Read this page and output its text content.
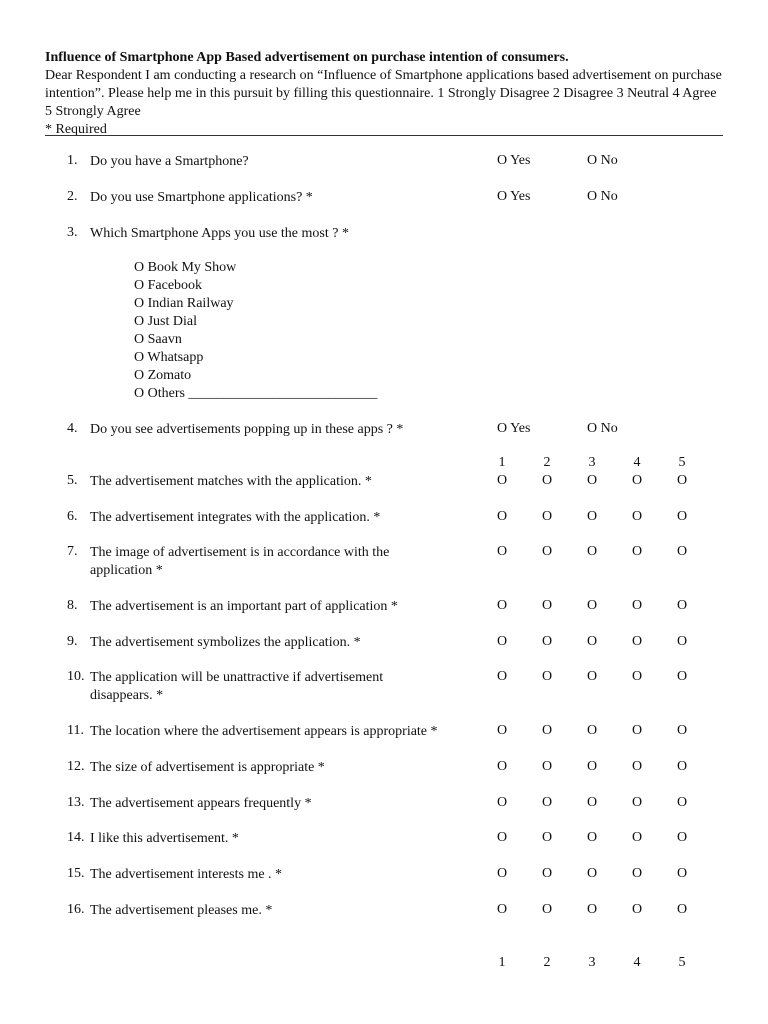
Influence of Smartphone App Based advertisement on purchase intention of consumers.
Dear Respondent I am conducting a research on “Influence of Smartphone applications based advertisement on purchase intention”. Please help me in this pursuit by filling this questionnaire. 1 Strongly Disagree 2 Disagree 3 Neutral 4 Agree 5 Strongly Agree
* Required
1. Do you have a Smartphone?	O Yes	O No
2. Do you use Smartphone applications? *	O Yes	O No
3. Which Smartphone Apps you use the most ? *
4. Do you see advertisements popping up in these apps ? *	O Yes	O No
5. The advertisement matches with the application. *	O	O	O	O	O
6. The advertisement integrates with the application. *	O	O	O	O	O
7. The image of advertisement is in accordance with the application *
O	O	O	O	O
8. The advertisement is an important part of application *	O	O	O	O	O
9. The advertisement symbolizes the application. *	O	O	O	O	O
10. The application will be unattractive if advertisement disappears. *
O	O	O	O	O
11. The location where the advertisement appears is appropriate *	O	O	O	O	O
12. The size of advertisement is appropriate *	O	O	O	O	O
13. The advertisement appears frequently *	O	O	O	O	O
14. I like this advertisement. *	O	O	O	O	O
15. The advertisement interests me . *	O	O	O	O	O
16. The advertisement pleases me. *	O	O	O	O	O
O Book My Show
O Facebook
O Indian Railway
O Just Dial
O Saavn
O Whatsapp
O Zomato
O Others ___________________________
1	2	3	4	5
1	2	3	4	5
